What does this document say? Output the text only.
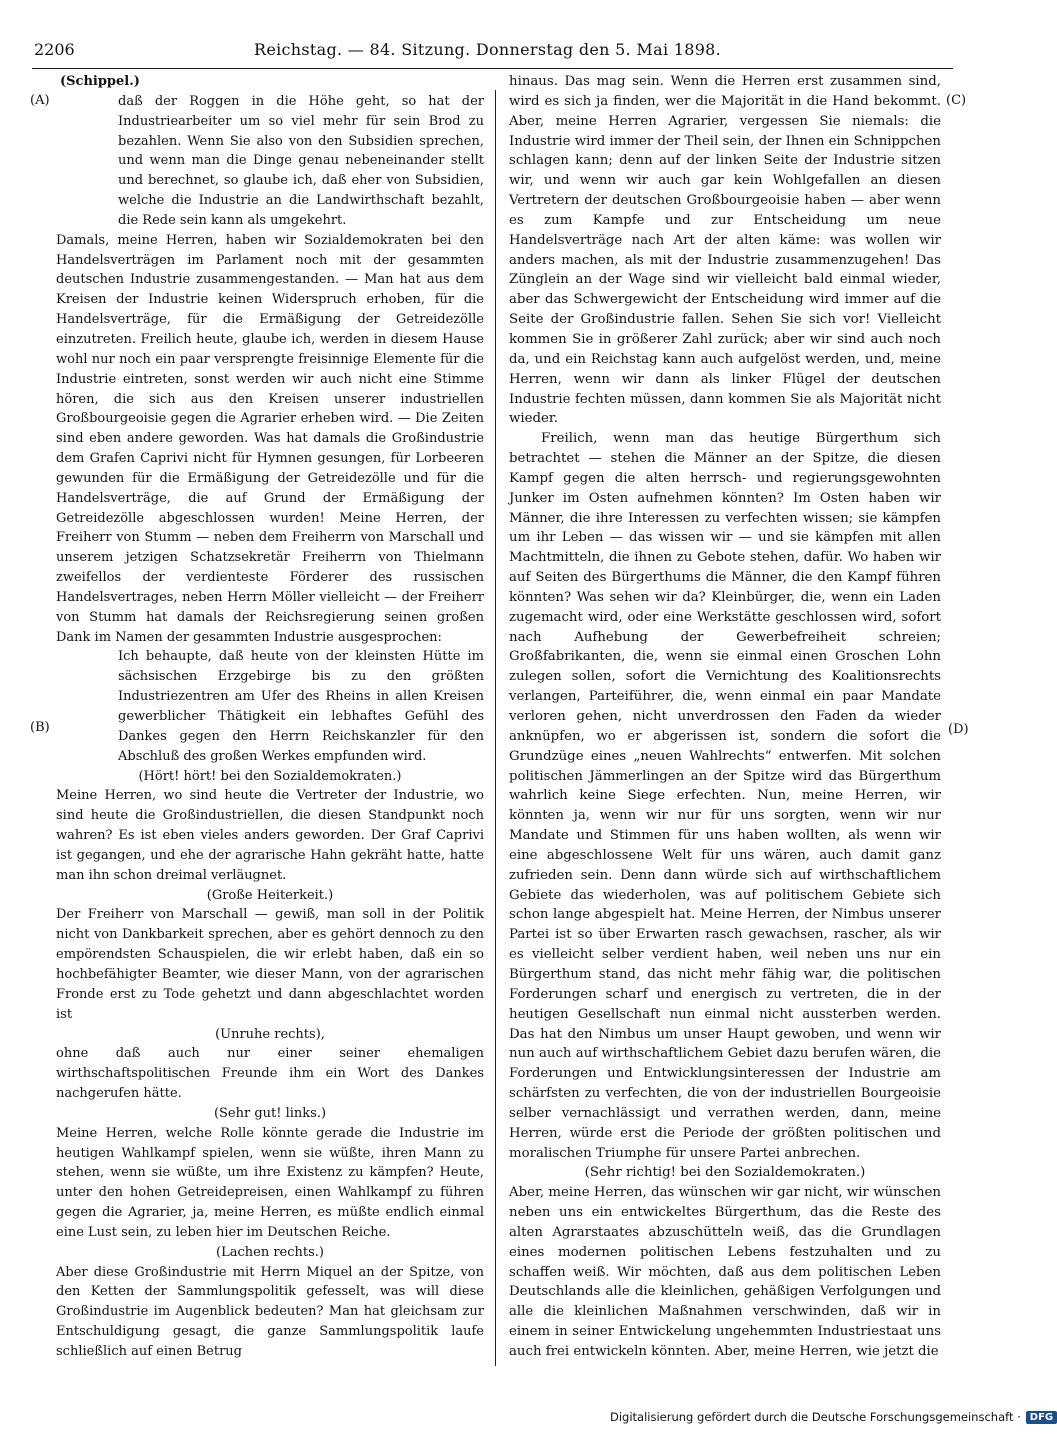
2206	Reichstag. — 84. Sitzung. Donnerstag den 5. Mai 1898.
(A)
(B)
(C)
(D)

(Schippel.)

daß der Roggen in die Höhe geht, so hat der Industriearbeiter um so viel mehr für sein Brod zu bezahlen. Wenn Sie also von den Subsidien sprechen, und wenn man die Dinge genau nebeneinander stellt und berechnet, so glaube ich, daß eher von Subsidien, welche die Industrie an die Landwirthschaft bezahlt, die Rede sein kann als umgekehrt.

Damals, meine Herren, haben wir Sozialdemokraten bei den Handelsverträgen im Parlament noch mit der gesammten deutschen Industrie zusammengestanden. — Man hat aus dem Kreisen der Industrie keinen Widerspruch erhoben, für die Handelsverträge, für die Ermäßigung der Getreidezölle einzutreten. Freilich heute, glaube ich, werden in diesem Hause wohl nur noch ein paar versprengte freisinnige Elemente für die Industrie eintreten, sonst werden wir auch nicht eine Stimme hören, die sich aus den Kreisen unserer industriellen Großbourgeoisie gegen die Agrarier erheben wird. — Die Zeiten sind eben andere geworden. Was hat damals die Großindustrie dem Grafen Caprivi nicht für Hymnen gesungen, für Lorbeeren gewunden für die Ermäßigung der Getreidezölle und für die Handelsverträge, die auf Grund der Ermäßigung der Getreidezölle abgeschlossen wurden! Meine Herren, der Freiherr von Stumm — neben dem Freiherrn von Marschall und unserem jetzigen Schatzsekretär Freiherrn von Thielmann zweifellos der verdienteste Förderer des russischen Handelsvertrages, neben Herrn Möller vielleicht — der Freiherr von Stumm hat damals der Reichsregierung seinen großen Dank im Namen der gesammten Industrie ausgesprochen:

Ich behaupte, daß heute von der kleinsten Hütte im sächsischen Erzgebirge bis zu den größten Industriezentren am Ufer des Rheins in allen Kreisen gewerblicher Thätigkeit ein lebhaftes Gefühl des Dankes gegen den Herrn Reichskanzler für den Abschluß des großen Werkes empfunden wird.

(Hört! hört! bei den Sozialdemokraten.)

Meine Herren, wo sind heute die Vertreter der Industrie, wo sind heute die Großindustriellen, die diesen Standpunkt noch wahren? Es ist eben vieles anders geworden. Der Graf Caprivi ist gegangen, und ehe der agrarische Hahn gekräht hatte, hatte man ihn schon dreimal verläugnet.

(Große Heiterkeit.)

Der Freiherr von Marschall — gewiß, man soll in der Politik nicht von Dankbarkeit sprechen, aber es gehört dennoch zu den empörendsten Schauspielen, die wir erlebt haben, daß ein so hochbefähigter Beamter, wie dieser Mann, von der agrarischen Fronde erst zu Tode gehetzt und dann abgeschlachtet worden ist

(Unruhe rechts),

ohne daß auch nur einer seiner ehemaligen wirthschaftspolitischen Freunde ihm ein Wort des Dankes nachgerufen hätte.

(Sehr gut! links.)

Meine Herren, welche Rolle könnte gerade die Industrie im heutigen Wahlkampf spielen, wenn sie wüßte, ihren Mann zu stehen, wenn sie wüßte, um ihre Existenz zu kämpfen? Heute, unter den hohen Getreidepreisen, einen Wahlkampf zu führen gegen die Agrarier, ja, meine Herren, es müßte endlich einmal eine Lust sein, zu leben hier im Deutschen Reiche.

(Lachen rechts.)

Aber diese Großindustrie mit Herrn Miquel an der Spitze, von den Ketten der Sammlungspolitik gefesselt, was will diese Großindustrie im Augenblick bedeuten? Man hat gleichsam zur Entschuldigung gesagt, die ganze Sammlungspolitik laufe schließlich auf einen Betrug

hinaus. Das mag sein. Wenn die Herren erst zusammen sind, wird es sich ja finden, wer die Majorität in die Hand bekommt. Aber, meine Herren Agrarier, vergessen Sie niemals: die Industrie wird immer der Theil sein, der Ihnen ein Schnippchen schlagen kann; denn auf der linken Seite der Industrie sitzen wir, und wenn wir auch gar kein Wohlgefallen an diesen Vertretern der deutschen Großbourgeoisie haben — aber wenn es zum Kampfe und zur Entscheidung um neue Handelsverträge nach Art der alten käme: was wollen wir anders machen, als mit der Industrie zusammenzugehen! Das Zünglein an der Wage sind wir vielleicht bald einmal wieder, aber das Schwergewicht der Entscheidung wird immer auf die Seite der Großindustrie fallen. Sehen Sie sich vor! Vielleicht kommen Sie in größerer Zahl zurück; aber wir sind auch noch da, und ein Reichstag kann auch aufgelöst werden, und, meine Herren, wenn wir dann als linker Flügel der deutschen Industrie fechten müssen, dann kommen Sie als Majorität nicht wieder.

Freilich, wenn man das heutige Bürgerthum sich betrachtet — stehen die Männer an der Spitze, die diesen Kampf gegen die alten herrsch- und regierungsgewohnten Junker im Osten aufnehmen könnten? Im Osten haben wir Männer, die ihre Interessen zu verfechten wissen; sie kämpfen um ihr Leben — das wissen wir — und sie kämpfen mit allen Machtmitteln, die ihnen zu Gebote stehen, dafür. Wo haben wir auf Seiten des Bürgerthums die Männer, die den Kampf führen könnten? Was sehen wir da? Kleinbürger, die, wenn ein Laden zugemacht wird, oder eine Werkstätte geschlossen wird, sofort nach Aufhebung der Gewerbefreiheit schreien; Großfabrikanten, die, wenn sie einmal einen Groschen Lohn zulegen sollen, sofort die Vernichtung des Koalitionsrechts verlangen, Parteiführer, die, wenn einmal ein paar Mandate verloren gehen, nicht unverdrossen den Faden da wieder anknüpfen, wo er abgerissen ist, sondern die sofort die Grundzüge eines „neuen Wahlrechts“ entwerfen. Mit solchen politischen Jämmerlingen an der Spitze wird das Bürgerthum wahrlich keine Siege erfechten. Nun, meine Herren, wir könnten ja, wenn wir nur für uns sorgten, wenn wir nur Mandate und Stimmen für uns haben wollten, als wenn wir eine abgeschlossene Welt für uns wären, auch damit ganz zufrieden sein. Denn dann würde sich auf wirthschaftlichem Gebiete das wiederholen, was auf politischem Gebiete sich schon lange abgespielt hat. Meine Herren, der Nimbus unserer Partei ist so über Erwarten rasch gewachsen, rascher, als wir es vielleicht selber verdient haben, weil neben uns nur ein Bürgerthum stand, das nicht mehr fähig war, die politischen Forderungen scharf und energisch zu vertreten, die in der heutigen Gesellschaft nun einmal nicht aussterben werden. Das hat den Nimbus um unser Haupt gewoben, und wenn wir nun auch auf wirthschaftlichem Gebiet dazu berufen wären, die Forderungen und Entwicklungsinteressen der Industrie am schärfsten zu verfechten, die von der industriellen Bourgeoisie selber vernachlässigt und verrathen werden, dann, meine Herren, würde erst die Periode der größten politischen und moralischen Triumphe für unsere Partei anbrechen.

(Sehr richtig! bei den Sozialdemokraten.)

Aber, meine Herren, das wünschen wir gar nicht, wir wünschen neben uns ein entwickeltes Bürgerthum, das die Reste des alten Agrarstaates abzuschütteln weiß, das die Grundlagen eines modernen politischen Lebens festzuhalten und zu schaffen weiß. Wir möchten, daß aus dem politischen Leben Deutschlands alle die kleinlichen, gehäßigen Verfolgungen und alle die kleinlichen Maßnahmen verschwinden, daß wir in einem in seiner Entwickelung ungehemmten Industriestaat uns auch frei entwickeln könnten. Aber, meine Herren, wie jetzt die

Digitalisierung gefördert durch die Deutsche Forschungsgemeinschaft · DFG
